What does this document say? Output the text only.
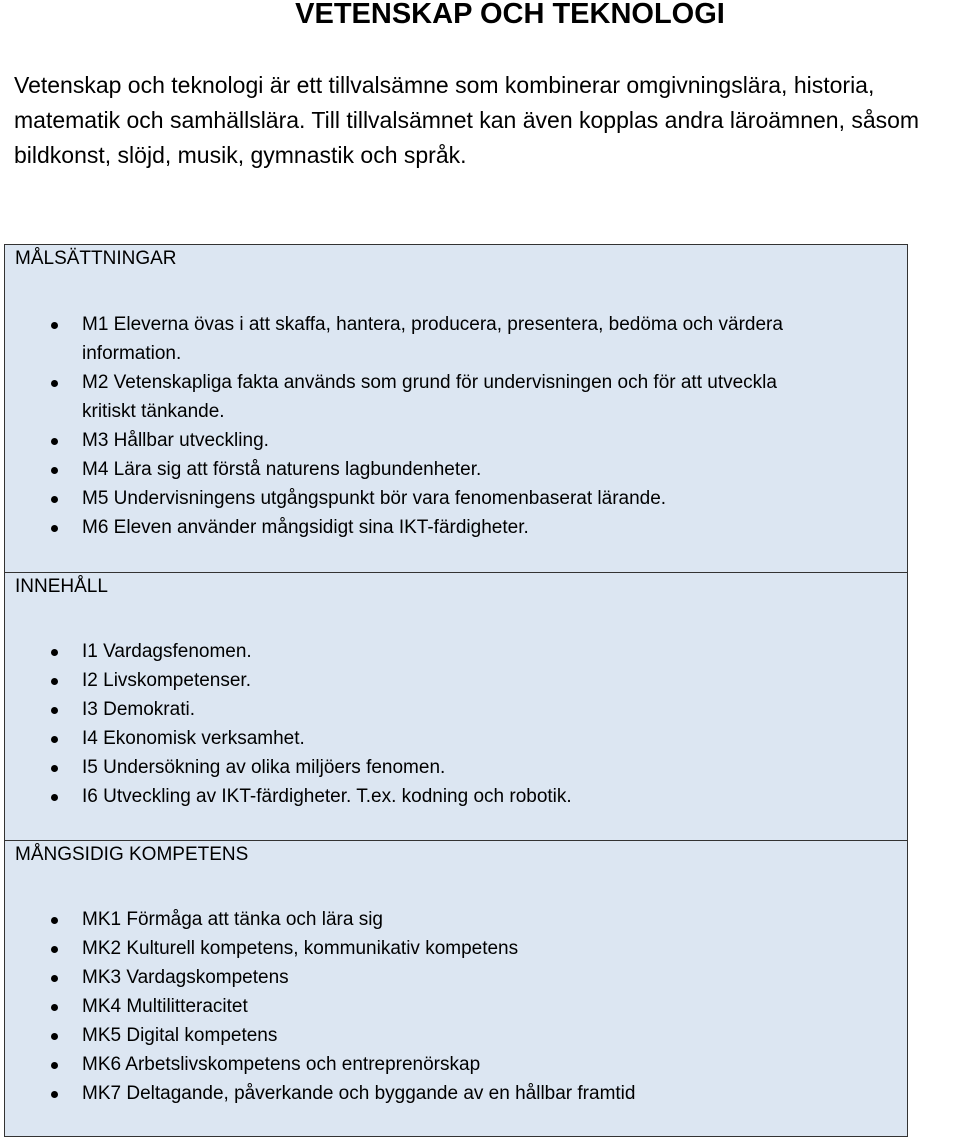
VETENSKAP OCH TEKNOLOGI

Vetenskap och teknologi är ett tillvalsämne som kombinerar omgivningslära, historia,
matematik och samhällslära. Till tillvalsämnet kan även kopplas andra läroämnen, såsom
bildkonst, slöjd, musik, gymnastik och språk.

MÅLSÄTTNINGAR
M1 Eleverna övas i att skaffa, hantera, producera, presentera, bedöma och värdera
information.
M2 Vetenskapliga fakta används som grund för undervisningen och för att utveckla
kritiskt tänkande.
M3 Hållbar utveckling.
M4 Lära sig att förstå naturens lagbundenheter.
M5 Undervisningens utgångspunkt bör vara fenomenbaserat lärande.
M6 Eleven använder mångsidigt sina IKT-färdigheter.
INNEHÅLL
I1 Vardagsfenomen.
I2 Livskompetenser.
I3 Demokrati.
I4 Ekonomisk verksamhet.
I5 Undersökning av olika miljöers fenomen.
I6 Utveckling av IKT-färdigheter. T.ex. kodning och robotik.
MÅNGSIDIG KOMPETENS
MK1 Förmåga att tänka och lära sig
MK2 Kulturell kompetens, kommunikativ kompetens
MK3 Vardagskompetens
MK4 Multilitteracitet
MK5 Digital kompetens
MK6 Arbetslivskompetens och entreprenörskap
MK7 Deltagande, påverkande och byggande av en hållbar framtid
